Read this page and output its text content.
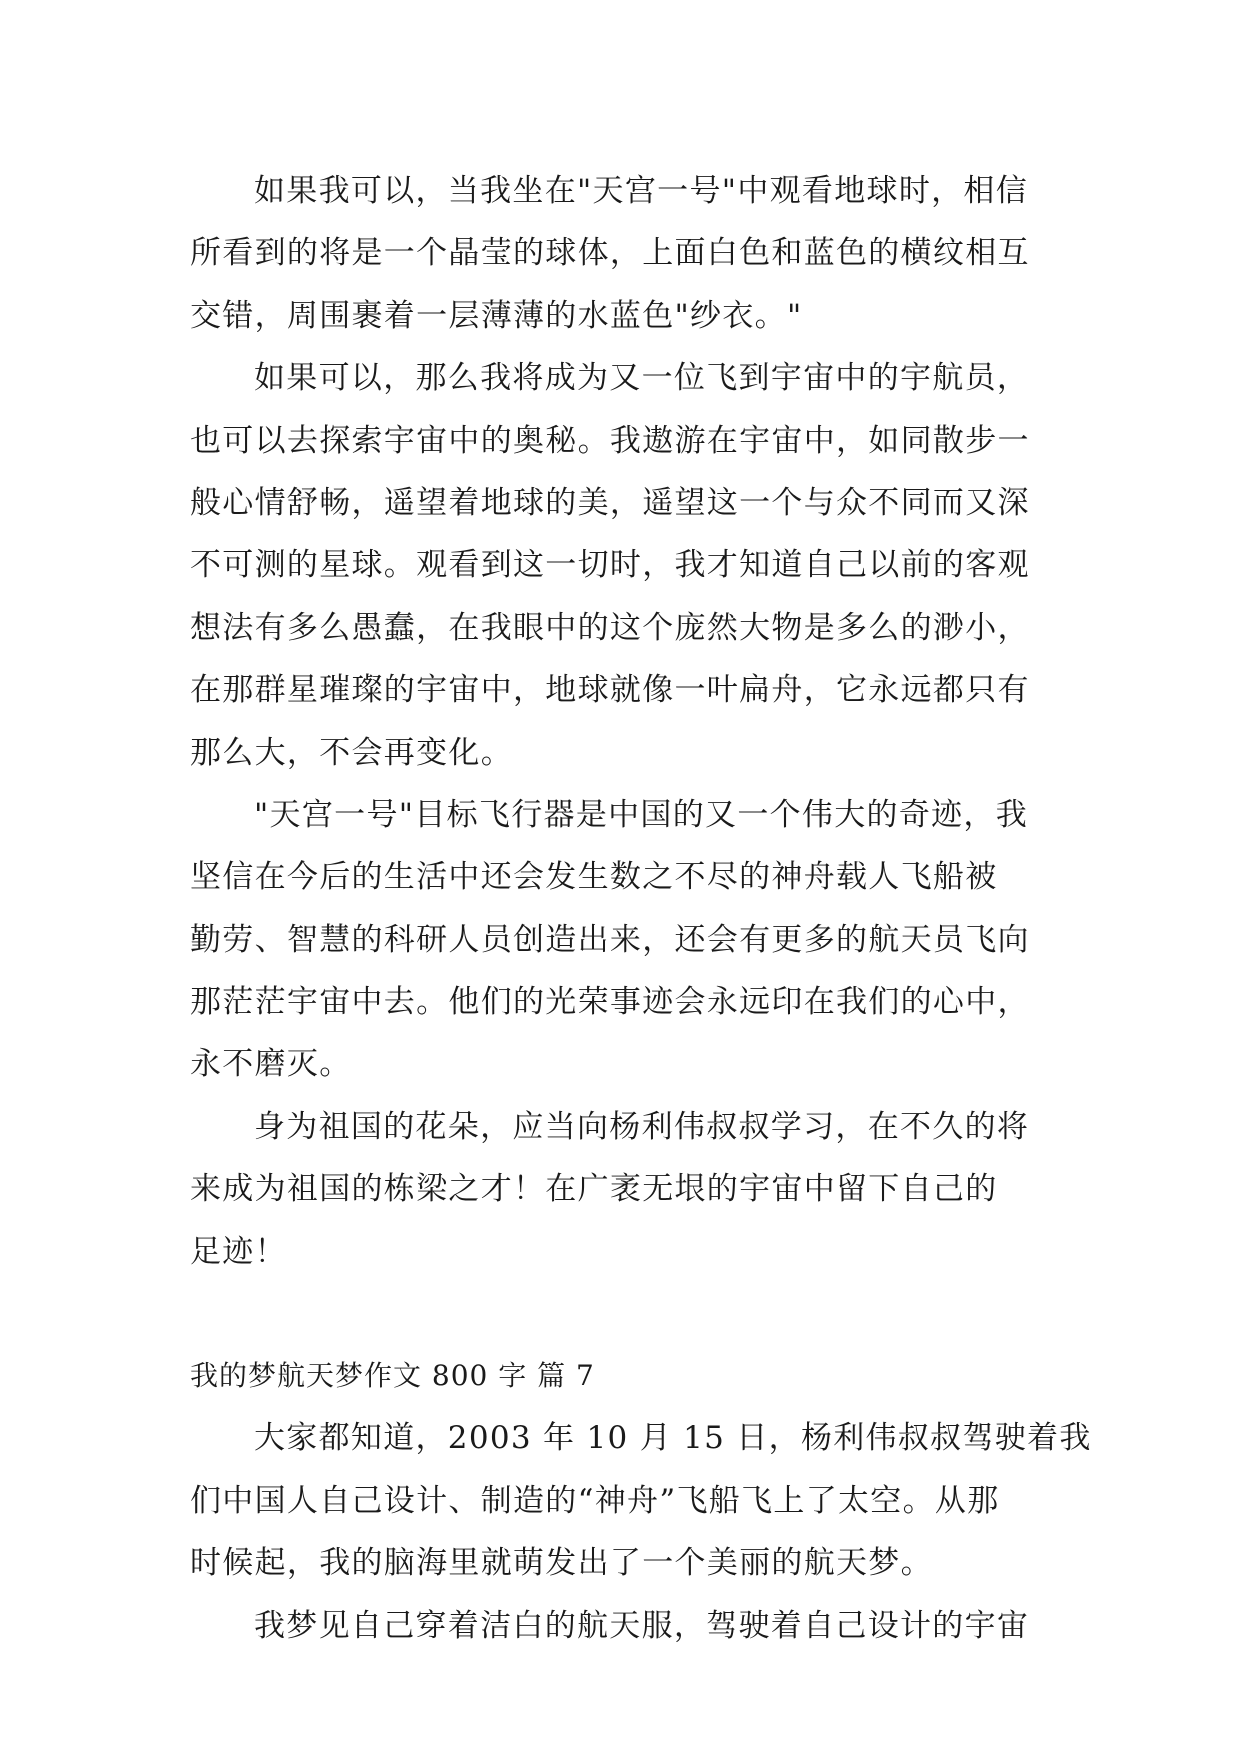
如果我可以，当我坐在"天宫一号"中观看地球时，相信
所看到的将是一个晶莹的球体，上面白色和蓝色的横纹相互
交错，周围裹着一层薄薄的水蓝色"纱衣。"
如果可以，那么我将成为又一位飞到宇宙中的宇航员，
也可以去探索宇宙中的奥秘。我遨游在宇宙中，如同散步一
般心情舒畅，遥望着地球的美，遥望这一个与众不同而又深
不可测的星球。观看到这一切时，我才知道自己以前的客观
想法有多么愚蠢，在我眼中的这个庞然大物是多么的渺小，
在那群星璀璨的宇宙中，地球就像一叶扁舟，它永远都只有
那么大，不会再变化。
"天宫一号"目标飞行器是中国的又一个伟大的奇迹，我
坚信在今后的生活中还会发生数之不尽的神舟载人飞船被
勤劳、智慧的科研人员创造出来，还会有更多的航天员飞向
那茫茫宇宙中去。他们的光荣事迹会永远印在我们的心中，
永不磨灭。
身为祖国的花朵，应当向杨利伟叔叔学习，在不久的将
来成为祖国的栋梁之才！在广袤无垠的宇宙中留下自己的
足迹！
我的梦航天梦作文 800 字 篇 7
大家都知道，2003 年 10 月 15 日，杨利伟叔叔驾驶着我
们中国人自己设计、制造的“神舟”飞船飞上了太空。从那
时候起，我的脑海里就萌发出了一个美丽的航天梦。
我梦见自己穿着洁白的航天服，驾驶着自己设计的宇宙
